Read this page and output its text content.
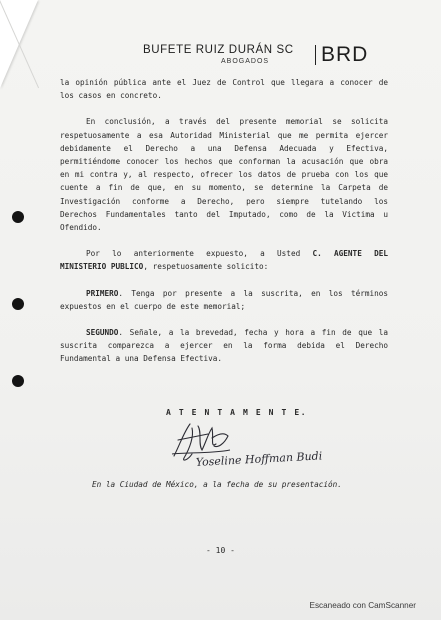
BUFETE RUIZ DURÁN SC
ABOGADOS BRD

la opinión pública ante el Juez de Control que llegara a conocer de
los casos en concreto.

En conclusión, a través del presente memorial se solicita
respetuosamente a esa Autoridad Ministerial que me permita ejercer
debidamente el Derecho a una Defensa Adecuada y Efectiva,
permitiéndome conocer los hechos que conforman la acusación que obra
en mi contra y, al respecto, ofrecer los datos de prueba con los que
cuente a fin de que, en su momento, se determine la Carpeta de
Investigación conforme a Derecho, pero siempre tutelando los
Derechos Fundamentales tanto del Imputado, como de la Victima u
Ofendido.

Por lo anteriormente expuesto, a Usted C. AGENTE DEL
MINISTERIO PUBLICO, respetuosamente solicito:

PRIMERO. Tenga por presente a la suscrita, en los términos
expuestos en el cuerpo de este memorial;

SEGUNDO. Señale, a la brevedad, fecha y hora a fin de que la
suscrita comparezca a ejercer en la forma debida el Derecho
Fundamental a una Defensa Efectiva.

A T E N T A M E N T E.
Yoseline Hoffman Budi
En la Ciudad de México, a la fecha de su presentación.
- 10 -
Escaneado con CamScanner
